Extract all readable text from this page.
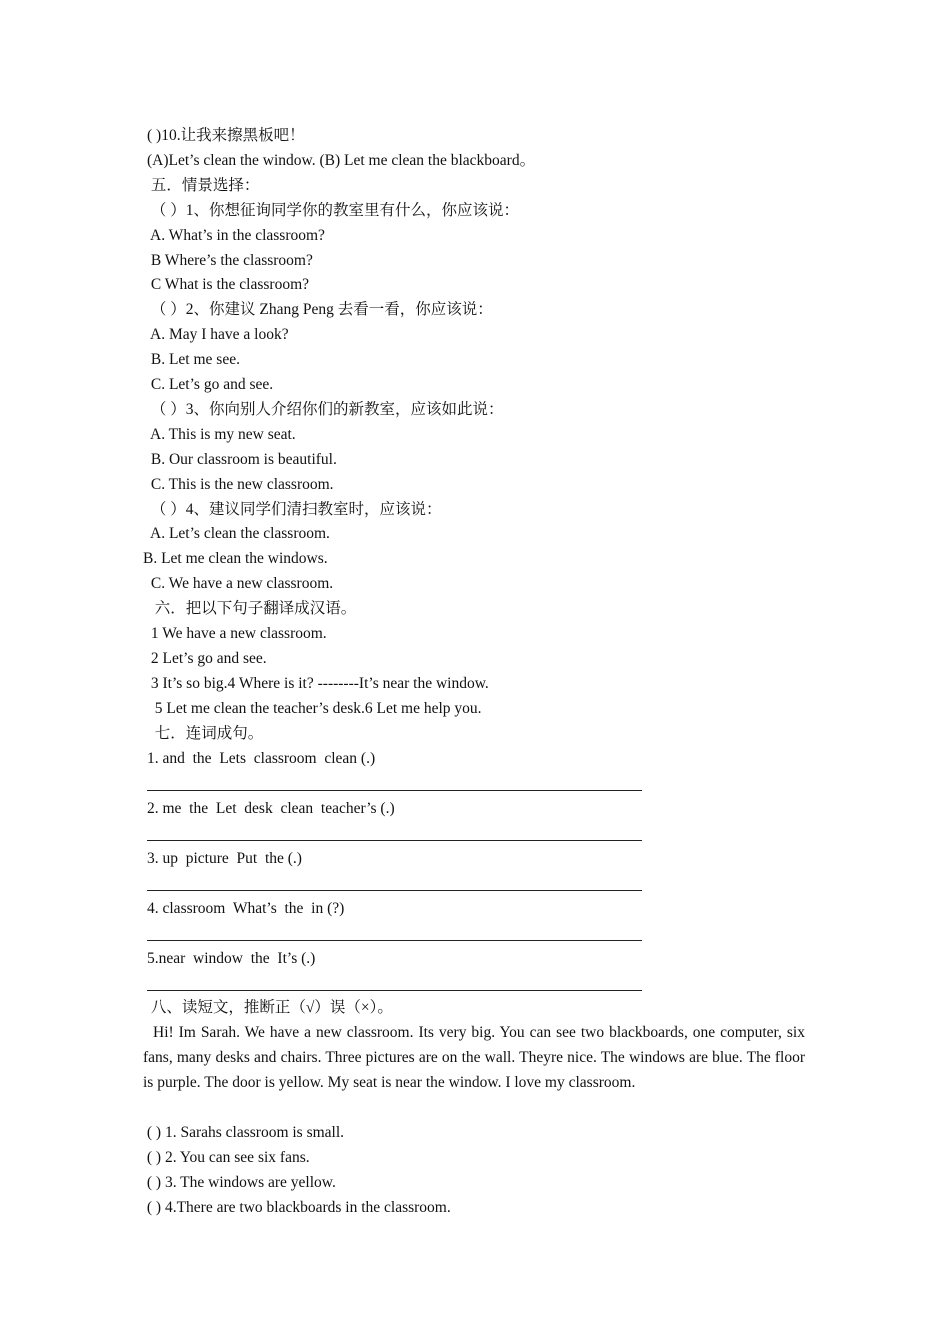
( )10.让我来擦黑板吧！
(A)Let’s clean the window. (B) Let me clean the blackboard。
五．情景选择：
（ ）1、你想征询同学你的教室里有什么，你应该说：
A. What’s in the classroom?
B Where’s the classroom?
C What is the classroom?
（ ）2、你建议 Zhang Peng 去看一看，你应该说：
A. May I have a look?
B. Let me see.
C. Let’s go and see.
（ ）3、你向别人介绍你们的新教室，应该如此说：
A. This is my new seat.
B. Our classroom is beautiful.
C. This is the new classroom.
（ ）4、建议同学们清扫教室时，应该说：
A. Let’s clean the classroom.
B. Let me clean the windows.
C. We have a new classroom.
六．把以下句子翻译成汉语。
1 We have a new classroom.
2 Let’s go and see.
3 It’s so big.4 Where is it? --------It’s near the window.
5 Let me clean the teacher’s desk.6 Let me help you.
七．连词成句。
1. and  the  Lets  classroom  clean (.)
2. me  the  Let  desk  clean  teacher’s (.)
3. up  picture  Put  the (.)
4. classroom  What’s  the  in (?)
5.near  window  the  It’s (.)
八、读短文，推断正（√）误（×）。
Hi! Im Sarah. We have a new classroom. Its very big. You can see two blackboards, one computer, six fans, many desks and chairs. Three pictures are on the wall. Theyre nice. The windows are blue. The floor is purple. The door is yellow. My seat is near the window. I love my classroom.
( ) 1. Sarahs classroom is small.
( ) 2. You can see six fans.
( ) 3. The windows are yellow.
( ) 4.There are two blackboards in the classroom.
